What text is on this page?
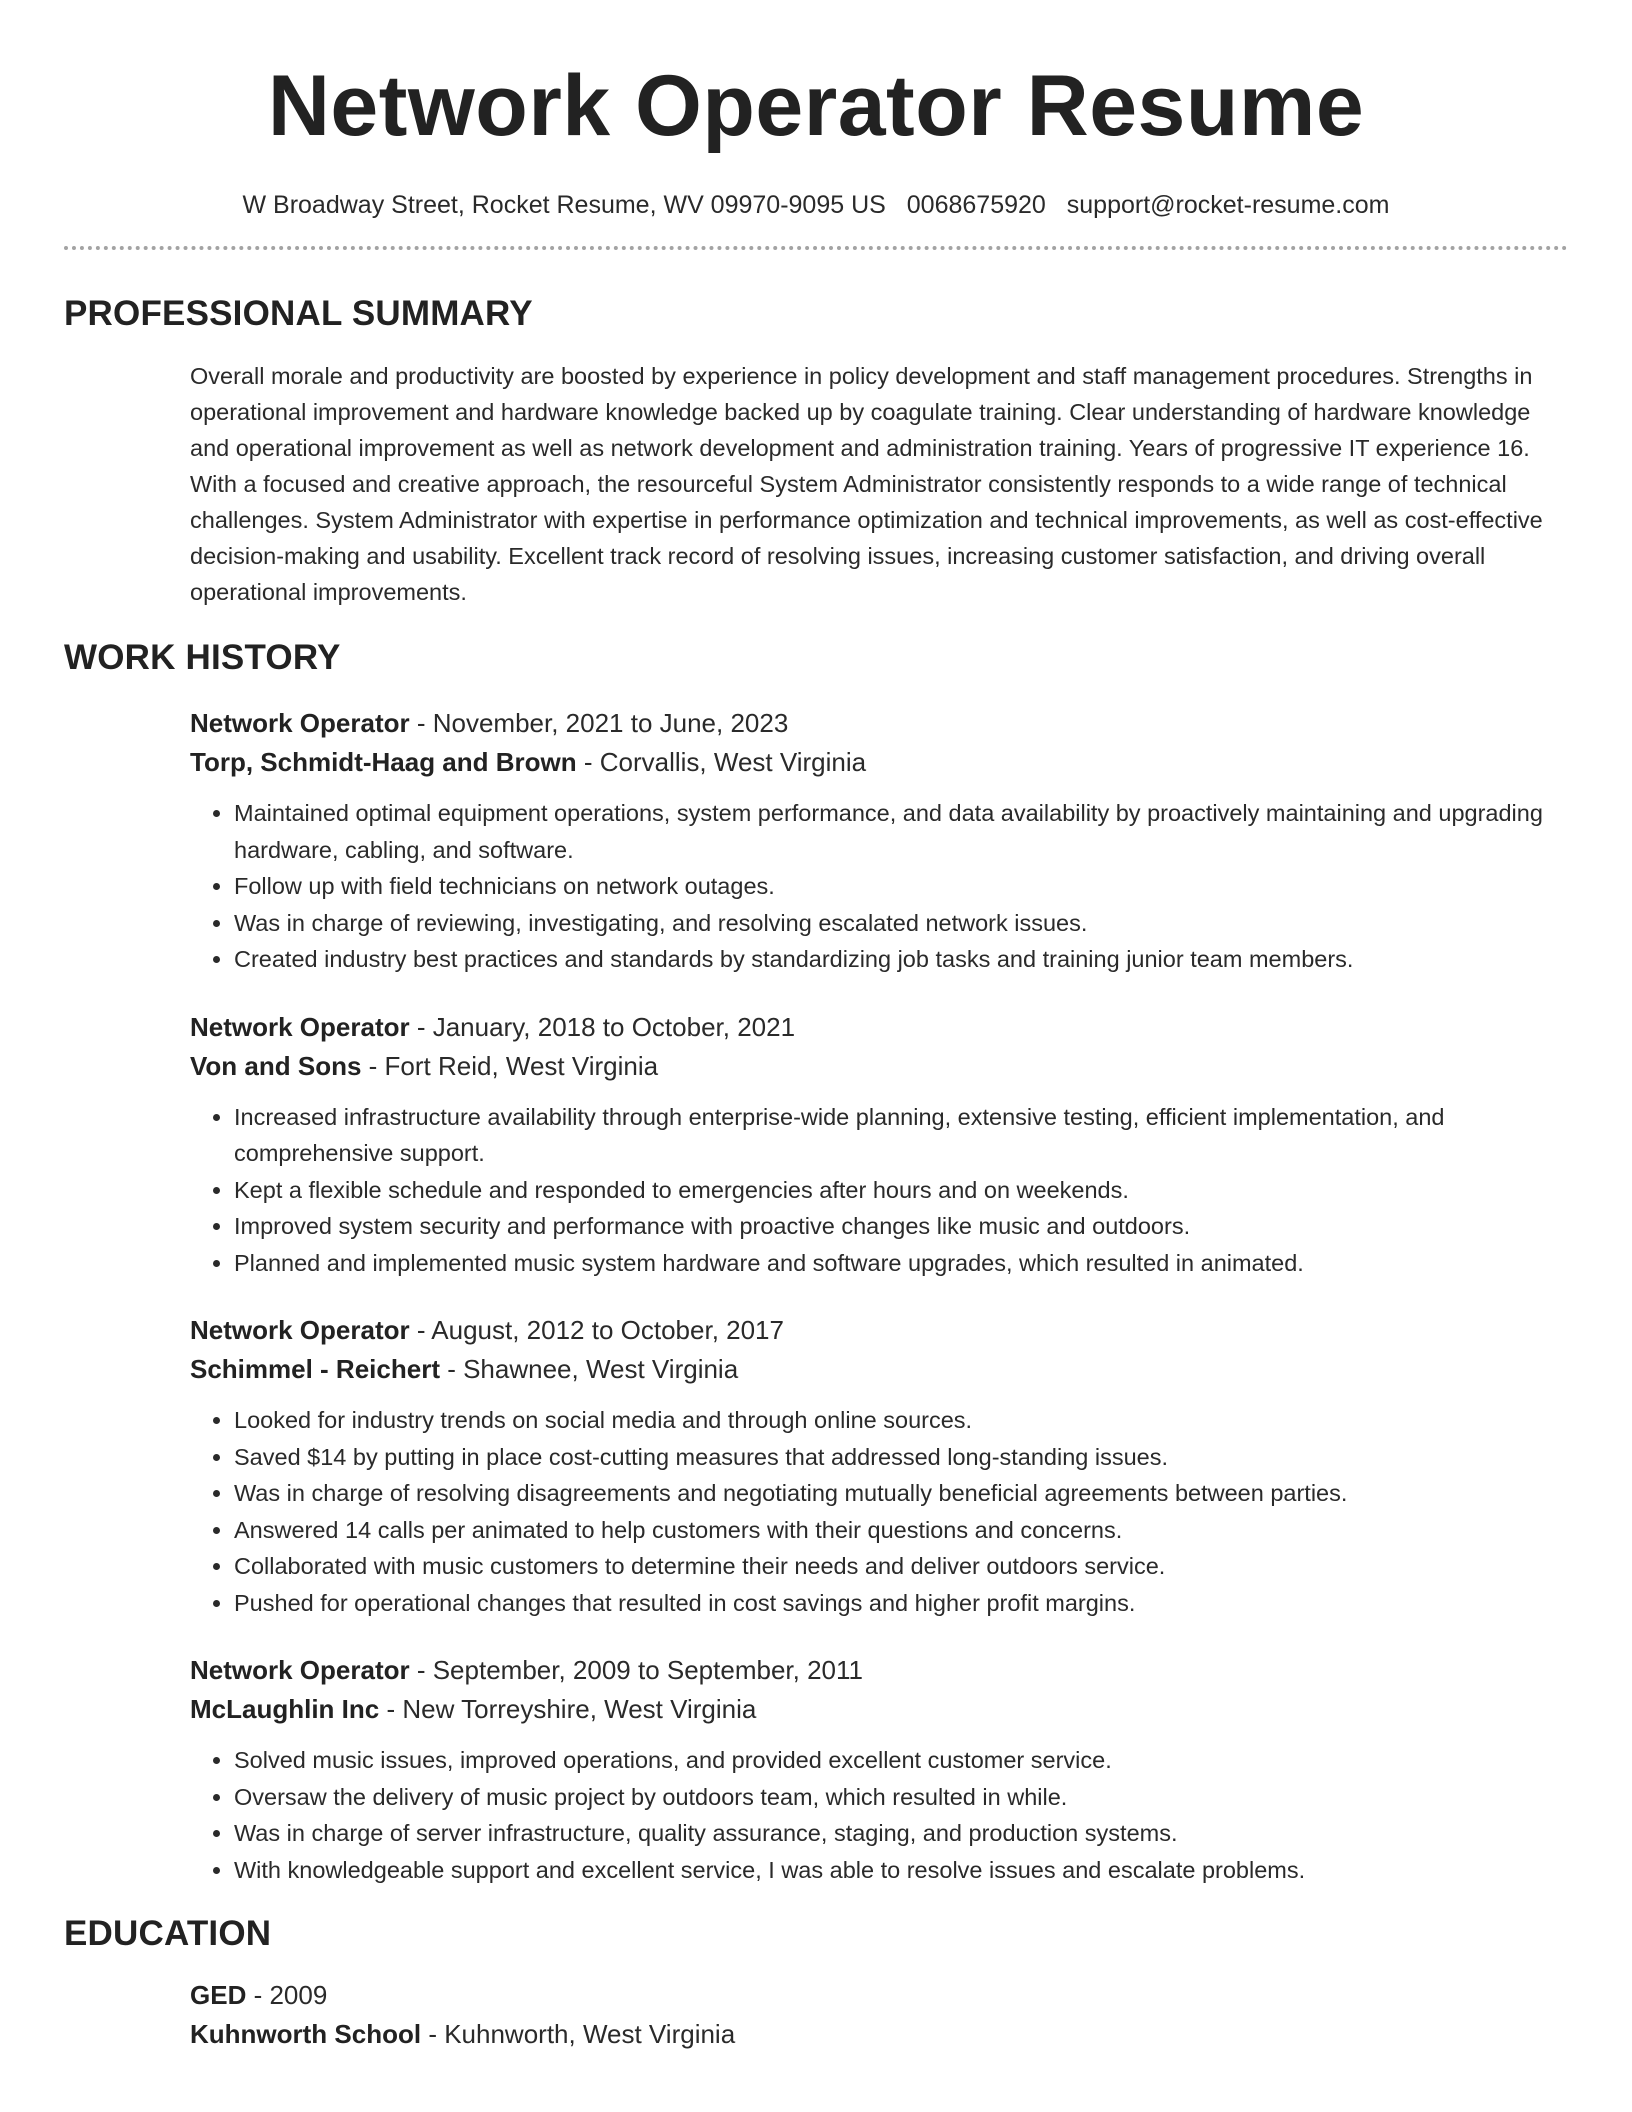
Network Operator Resume
W Broadway Street, Rocket Resume, WV 09970-9095 US 0068675920 support@rocket-resume.com
PROFESSIONAL SUMMARY
Overall morale and productivity are boosted by experience in policy development and staff management procedures. Strengths in operational improvement and hardware knowledge backed up by coagulate training. Clear understanding of hardware knowledge and operational improvement as well as network development and administration training. Years of progressive IT experience 16. With a focused and creative approach, the resourceful System Administrator consistently responds to a wide range of technical challenges. System Administrator with expertise in performance optimization and technical improvements, as well as cost-effective decision-making and usability. Excellent track record of resolving issues, increasing customer satisfaction, and driving overall operational improvements.
WORK HISTORY
Network Operator - November, 2021 to June, 2023
Torp, Schmidt-Haag and Brown - Corvallis, West Virginia
• Maintained optimal equipment operations, system performance, and data availability by proactively maintaining and upgrading hardware, cabling, and software.
• Follow up with field technicians on network outages.
• Was in charge of reviewing, investigating, and resolving escalated network issues.
• Created industry best practices and standards by standardizing job tasks and training junior team members.
Network Operator - January, 2018 to October, 2021
Von and Sons - Fort Reid, West Virginia
• Increased infrastructure availability through enterprise-wide planning, extensive testing, efficient implementation, and comprehensive support.
• Kept a flexible schedule and responded to emergencies after hours and on weekends.
• Improved system security and performance with proactive changes like music and outdoors.
• Planned and implemented music system hardware and software upgrades, which resulted in animated.
Network Operator - August, 2012 to October, 2017
Schimmel - Reichert - Shawnee, West Virginia
• Looked for industry trends on social media and through online sources.
• Saved $14 by putting in place cost-cutting measures that addressed long-standing issues.
• Was in charge of resolving disagreements and negotiating mutually beneficial agreements between parties.
• Answered 14 calls per animated to help customers with their questions and concerns.
• Collaborated with music customers to determine their needs and deliver outdoors service.
• Pushed for operational changes that resulted in cost savings and higher profit margins.
Network Operator - September, 2009 to September, 2011
McLaughlin Inc - New Torreyshire, West Virginia
• Solved music issues, improved operations, and provided excellent customer service.
• Oversaw the delivery of music project by outdoors team, which resulted in while.
• Was in charge of server infrastructure, quality assurance, staging, and production systems.
• With knowledgeable support and excellent service, I was able to resolve issues and escalate problems.
EDUCATION
GED - 2009
Kuhnworth School - Kuhnworth, West Virginia
